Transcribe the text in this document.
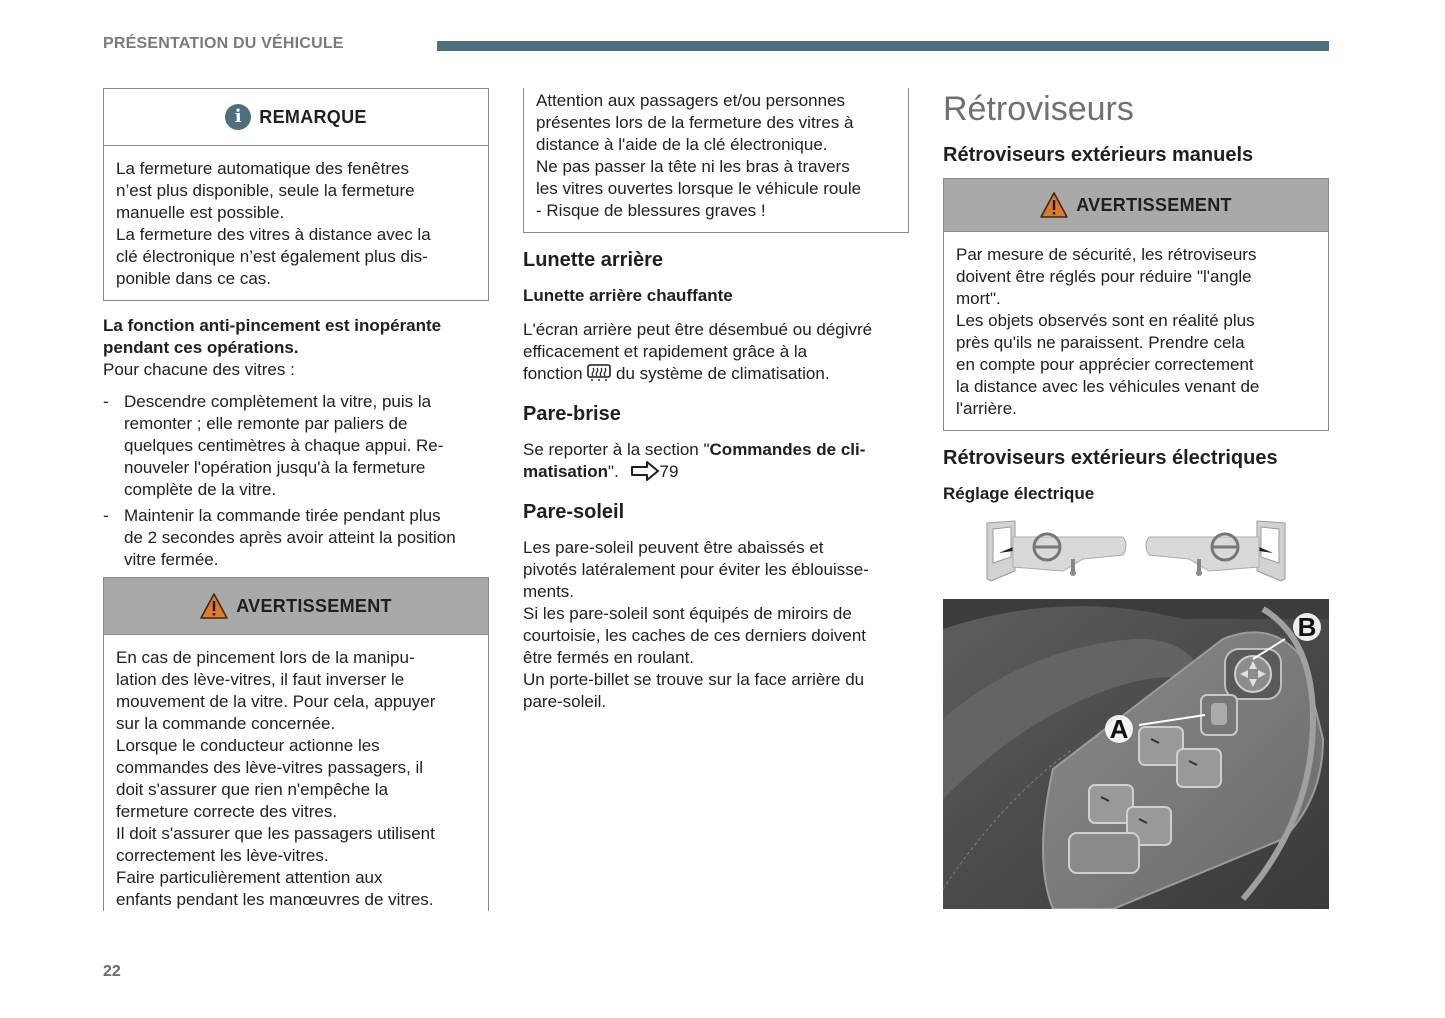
PRÉSENTATION DU VÉHICULE
i REMARQUE

La fermeture automatique des fenêtres

n’est plus disponible, seule la fermeture

manuelle est possible.

La fermeture des vitres à distance avec la

clé électronique n’est également plus dis-

ponible dans ce cas.

La fonction anti-pincement est inopérante
pendant ces opérations.

Pour chacune des vitres :

- Descendre complètement la vitre, puis la
remonter ; elle remonte par paliers de
quelques centimètres à chaque appui. Re-
nouveler l'opération jusqu'à la fermeture
complète de la vitre.
- Maintenir la commande tirée pendant plus
de 2 secondes après avoir atteint la position
vitre fermée.
AVERTISSEMENT

En cas de pincement lors de la manipu-

lation des lève-vitres, il faut inverser le

mouvement de la vitre. Pour cela, appuyer

sur la commande concernée.

Lorsque le conducteur actionne les

commandes des lève-vitres passagers, il

doit s'assurer que rien n'empêche la

fermeture correcte des vitres.

Il doit s'assurer que les passagers utilisent

correctement les lève-vitres.

Faire particulièrement attention aux

enfants pendant les manœuvres de vitres.

Attention aux passagers et/ou personnes

présentes lors de la fermeture des vitres à

distance à l'aide de la clé électronique.

Ne pas passer la tête ni les bras à travers

les vitres ouvertes lorsque le véhicule roule

- Risque de blessures graves !

Lunette arrière
Lunette arrière chauffante
L'écran arrière peut être désembué ou dégivré
efficacement et rapidement grâce à la
fonction du système de climatisation.
Pare-brise
Se reporter à la section "Commandes de cli-
matisation". 79
Pare-soleil
Les pare-soleil peuvent être abaissés et
pivotés latéralement pour éviter les éblouisse-
ments.
Si les pare-soleil sont équipés de miroirs de
courtoisie, les caches de ces derniers doivent
être fermés en roulant.
Un porte-billet se trouve sur la face arrière du
pare-soleil.
Rétroviseurs
Rétroviseurs extérieurs manuels
AVERTISSEMENT

Par mesure de sécurité, les rétroviseurs

doivent être réglés pour réduire "l'angle

mort".

Les objets observés sont en réalité plus

près qu'ils ne paraissent. Prendre cela

en compte pour apprécier correctement

la distance avec les véhicules venant de

l'arrière.

Rétroviseurs extérieurs électriques
Réglage électrique
A
B
22
